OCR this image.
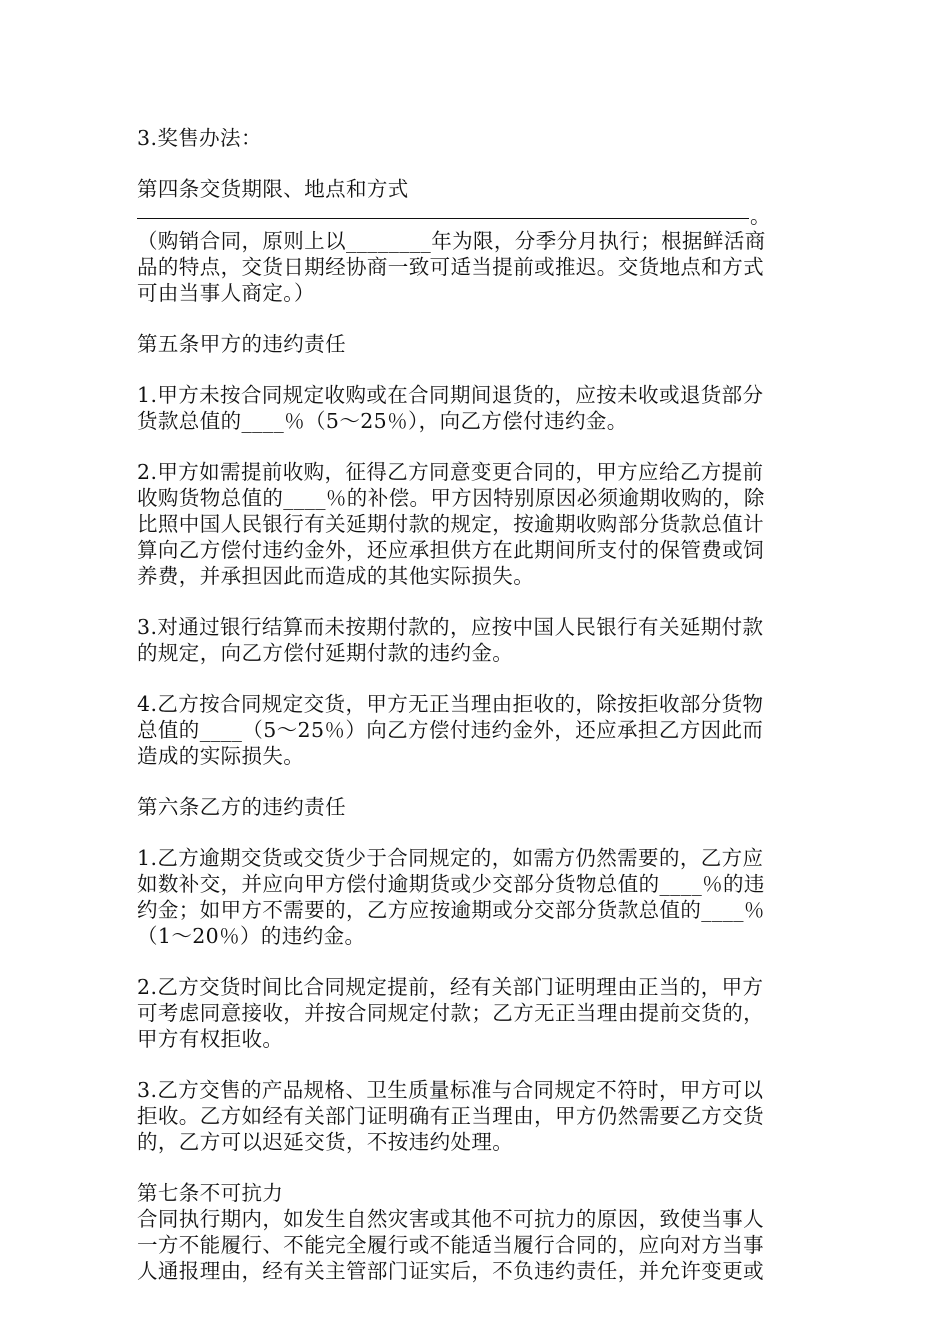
3.奖售办法：
第四条交货期限、地点和方式
。
（购销合同，原则上以________年为限，分季分月执行；根据鲜活商
品的特点，交货日期经协商一致可适当提前或推迟。交货地点和方式
可由当事人商定。）
第五条甲方的违约责任
1.甲方未按合同规定收购或在合同期间退货的，应按未收或退货部分
货款总值的____％（5～25％），向乙方偿付违约金。
2.甲方如需提前收购，征得乙方同意变更合同的，甲方应给乙方提前
收购货物总值的____％的补偿。甲方因特别原因必须逾期收购的，除
比照中国人民银行有关延期付款的规定，按逾期收购部分货款总值计
算向乙方偿付违约金外，还应承担供方在此期间所支付的保管费或饲
养费，并承担因此而造成的其他实际损失。
3.对通过银行结算而未按期付款的，应按中国人民银行有关延期付款
的规定，向乙方偿付延期付款的违约金。
4.乙方按合同规定交货，甲方无正当理由拒收的，除按拒收部分货物
总值的____（5～25％）向乙方偿付违约金外，还应承担乙方因此而
造成的实际损失。
第六条乙方的违约责任
1.乙方逾期交货或交货少于合同规定的，如需方仍然需要的，乙方应
如数补交，并应向甲方偿付逾期货或少交部分货物总值的____％的违
约金；如甲方不需要的，乙方应按逾期或分交部分货款总值的____％
（1～20％）的违约金。
2.乙方交货时间比合同规定提前，经有关部门证明理由正当的，甲方
可考虑同意接收，并按合同规定付款；乙方无正当理由提前交货的，
甲方有权拒收。
3.乙方交售的产品规格、卫生质量标准与合同规定不符时，甲方可以
拒收。乙方如经有关部门证明确有正当理由，甲方仍然需要乙方交货
的，乙方可以迟延交货，不按违约处理。
第七条不可抗力
合同执行期内，如发生自然灾害或其他不可抗力的原因，致使当事人
一方不能履行、不能完全履行或不能适当履行合同的，应向对方当事
人通报理由，经有关主管部门证实后，不负违约责任，并允许变更或
